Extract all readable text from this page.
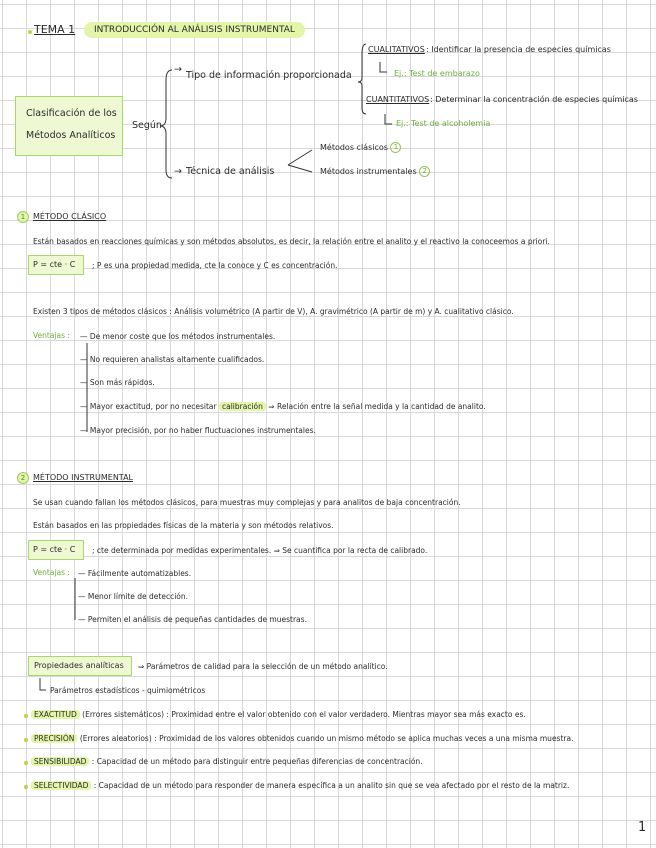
TEMA 1	INTRODUCCIÓN AL ANÁLISIS INSTRUMENTAL
Clasificación de los
Métodos Analíticos
Según
→
Tipo de información proporcionada
CUALITATIVOS : Identificar la presencia de especies químicas
Ej.: Test de embarazo
CUANTITATIVOS : Determinar la concentración de especies químicas
Ej.: Test de alcoholemia
→ Técnica de análisis
Métodos clásicos 1
Métodos instrumentales 2
1 MÉTODO CLÁSICO
Están basados en reacciones químicas y son métodos absolutos, es decir, la relación entre el analito y el reactivo la conoceemos a priori.
P = cte · C ; P es una propiedad medida, cte la conoce y C es concentración.
Existen 3 tipos de métodos clásicos : Análisis volumétrico (A partir de V), A. gravimétrico (A partir de m) y A. cualitativo clásico.
Ventajas : — De menor coste que los métodos instrumentales.
— No requieren analistas altamente cualificados.
— Son más rápidos.
— Mayor exactitud, por no necesitar calibración ⇒ Relación entre la señal medida y la cantidad de analito.
— Mayor precisión, por no haber fluctuaciones instrumentales.
2 MÉTODO INSTRUMENTAL
Se usan cuando fallan los métodos clásicos, para muestras muy complejas y para analitos de baja concentración.
Están basados en las propiedades físicas de la materia y son métodos relativos.
P = cte · C ; cte determinada por medidas experimentales. ⇒ Se cuantifica por la recta de calibrado.
Ventajas : — Fácilmente automatizables.
— Menor límite de detección.
— Permiten el análisis de pequeñas cantidades de muestras.
Propiedades analíticas ⇒ Parámetros de calidad para la selección de un método analítico.
Parámetros estadísticos - quimiométricos
EXACTITUD (Errores sistemáticos) : Proximidad entre el valor obtenido con el valor verdadero. Mientras mayor sea más exacto es.
PRECISIÓN (Errores aleatorios) : Proximidad de los valores obtenidos cuando un mismo método se aplica muchas veces a una misma muestra.
SENSIBILIDAD : Capacidad de un método para distinguir entre pequeñas diferencias de concentración.
SELECTIVIDAD : Capacidad de un método para responder de manera específica a un analito sin que se vea afectado por el resto de la matriz.
1
